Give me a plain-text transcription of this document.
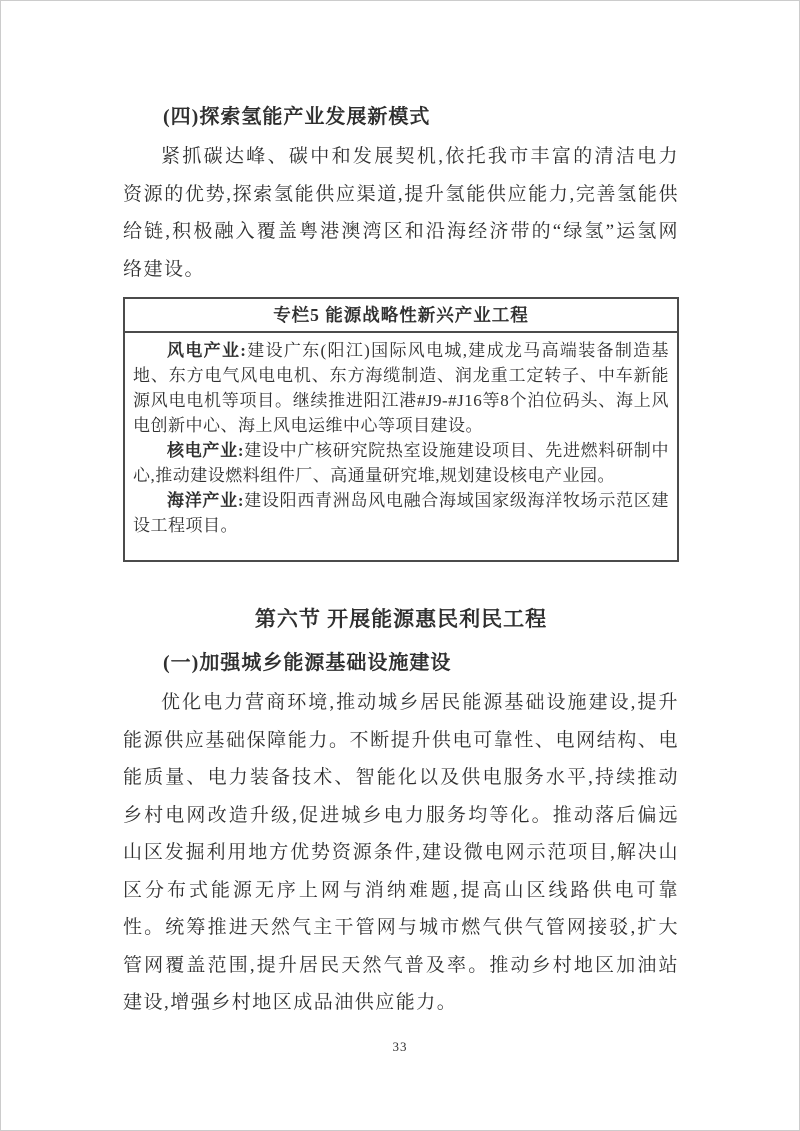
(四)探索氢能产业发展新模式

紧抓碳达峰、碳中和发展契机,依托我市丰富的清洁电力资源的优势,探索氢能供应渠道,提升氢能供应能力,完善氢能供给链,积极融入覆盖粤港澳湾区和沿海经济带的“绿氢”运氢网络建设。

专栏5 能源战略性新兴产业工程

风电产业:建设广东(阳江)国际风电城,建成龙马高端装备制造基地、东方电气风电电机、东方海缆制造、润龙重工定转子、中车新能源风电电机等项目。继续推进阳江港#J9-#J16等8个泊位码头、海上风电创新中心、海上风电运维中心等项目建设。

核电产业:建设中广核研究院热室设施建设项目、先进燃料研制中心,推动建设燃料组件厂、高通量研究堆,规划建设核电产业园。

海洋产业:建设阳西青洲岛风电融合海域国家级海洋牧场示范区建设工程项目。

第六节 开展能源惠民利民工程
(一)加强城乡能源基础设施建设

优化电力营商环境,推动城乡居民能源基础设施建设,提升能源供应基础保障能力。不断提升供电可靠性、电网结构、电能质量、电力装备技术、智能化以及供电服务水平,持续推动乡村电网改造升级,促进城乡电力服务均等化。推动落后偏远山区发掘利用地方优势资源条件,建设微电网示范项目,解决山区分布式能源无序上网与消纳难题,提高山区线路供电可靠性。统筹推进天然气主干管网与城市燃气供气管网接驳,扩大管网覆盖范围,提升居民天然气普及率。推动乡村地区加油站建设,增强乡村地区成品油供应能力。

33
